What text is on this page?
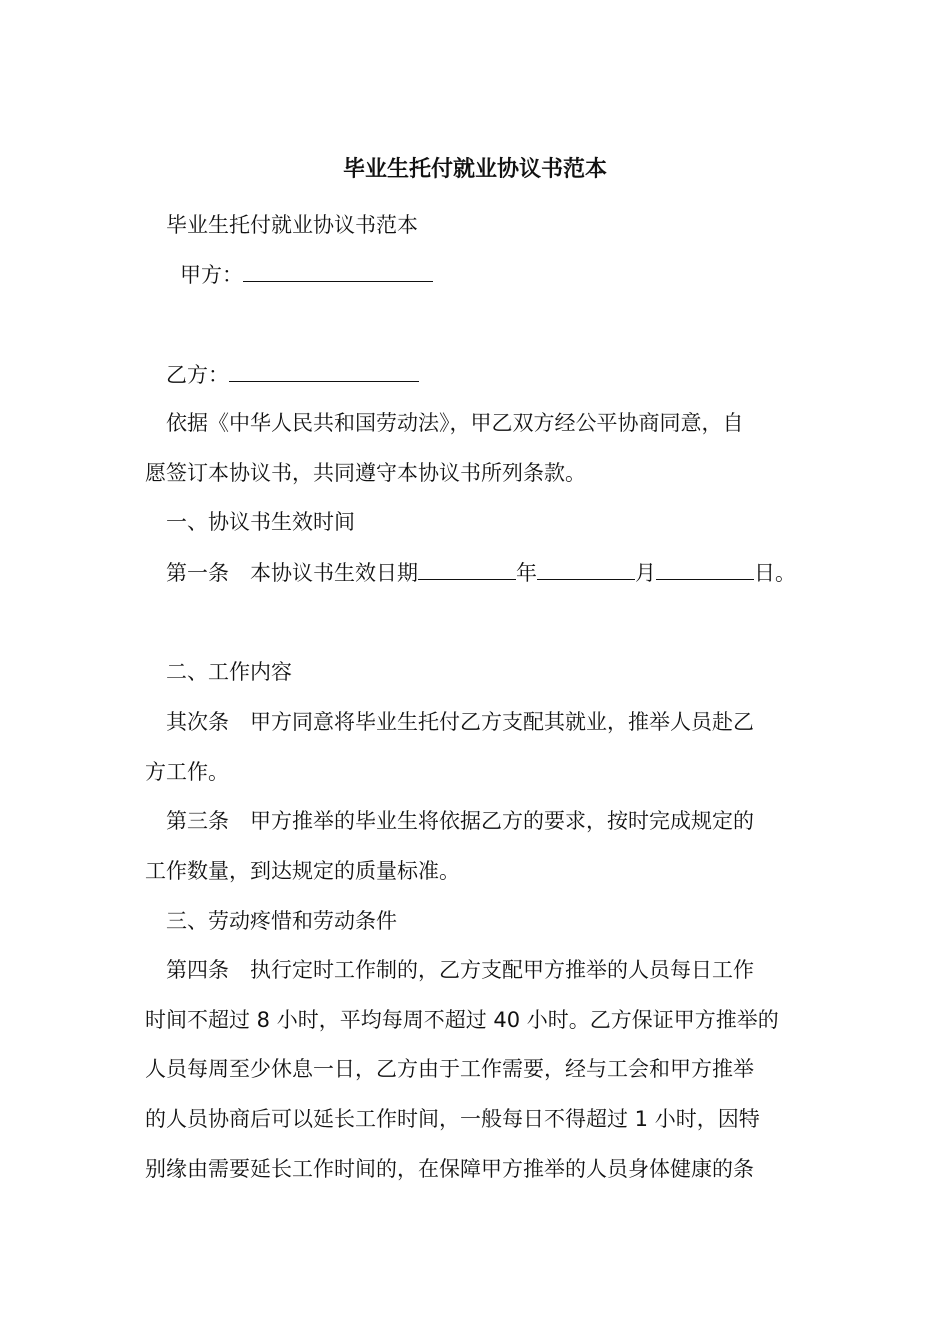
毕业生托付就业协议书范本
毕业生托付就业协议书范本
甲方：
乙方：
依据《中华人民共和国劳动法》，甲乙双方经公平协商同意，自
愿签订本协议书，共同遵守本协议书所列条款。
一、协议书生效时间
第一条　本协议书生效日期	年	月	日。
二、工作内容
其次条　甲方同意将毕业生托付乙方支配其就业，推举人员赴乙
方工作。
第三条　甲方推举的毕业生将依据乙方的要求，按时完成规定的
工作数量，到达规定的质量标准。
三、劳动疼惜和劳动条件
第四条　执行定时工作制的，乙方支配甲方推举的人员每日工作
时间不超过 8 小时，平均每周不超过 40 小时。乙方保证甲方推举的
人员每周至少休息一日，乙方由于工作需要，经与工会和甲方推举
的人员协商后可以延长工作时间，一般每日不得超过 1 小时，因特
别缘由需要延长工作时间的，在保障甲方推举的人员身体健康的条
